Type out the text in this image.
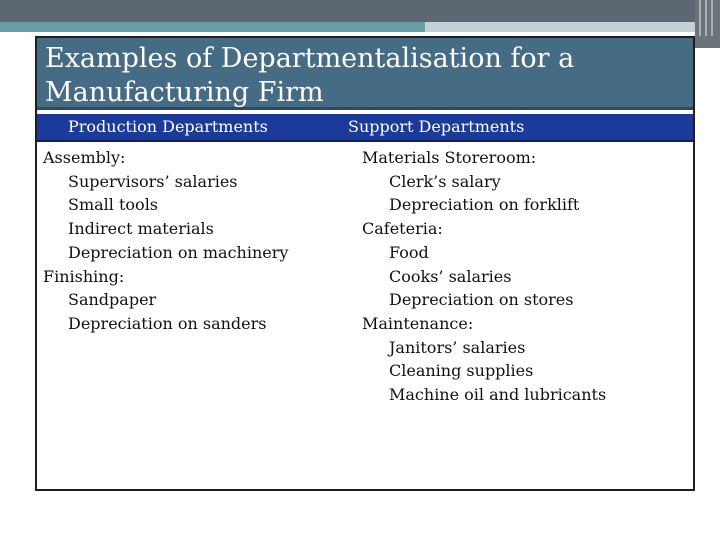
Examples of Departmentalisation for a Manufacturing Firm
Production Departments	Support Departments
Assembly:
Supervisors’ salaries
Small tools
Indirect materials
Depreciation on machinery
Finishing:
Sandpaper
Depreciation on sanders
Materials Storeroom:
Clerk’s salary
Depreciation on forklift
Cafeteria:
Food
Cooks’ salaries
Depreciation on stores
Maintenance:
Janitors’ salaries
Cleaning supplies
Machine oil and lubricants
